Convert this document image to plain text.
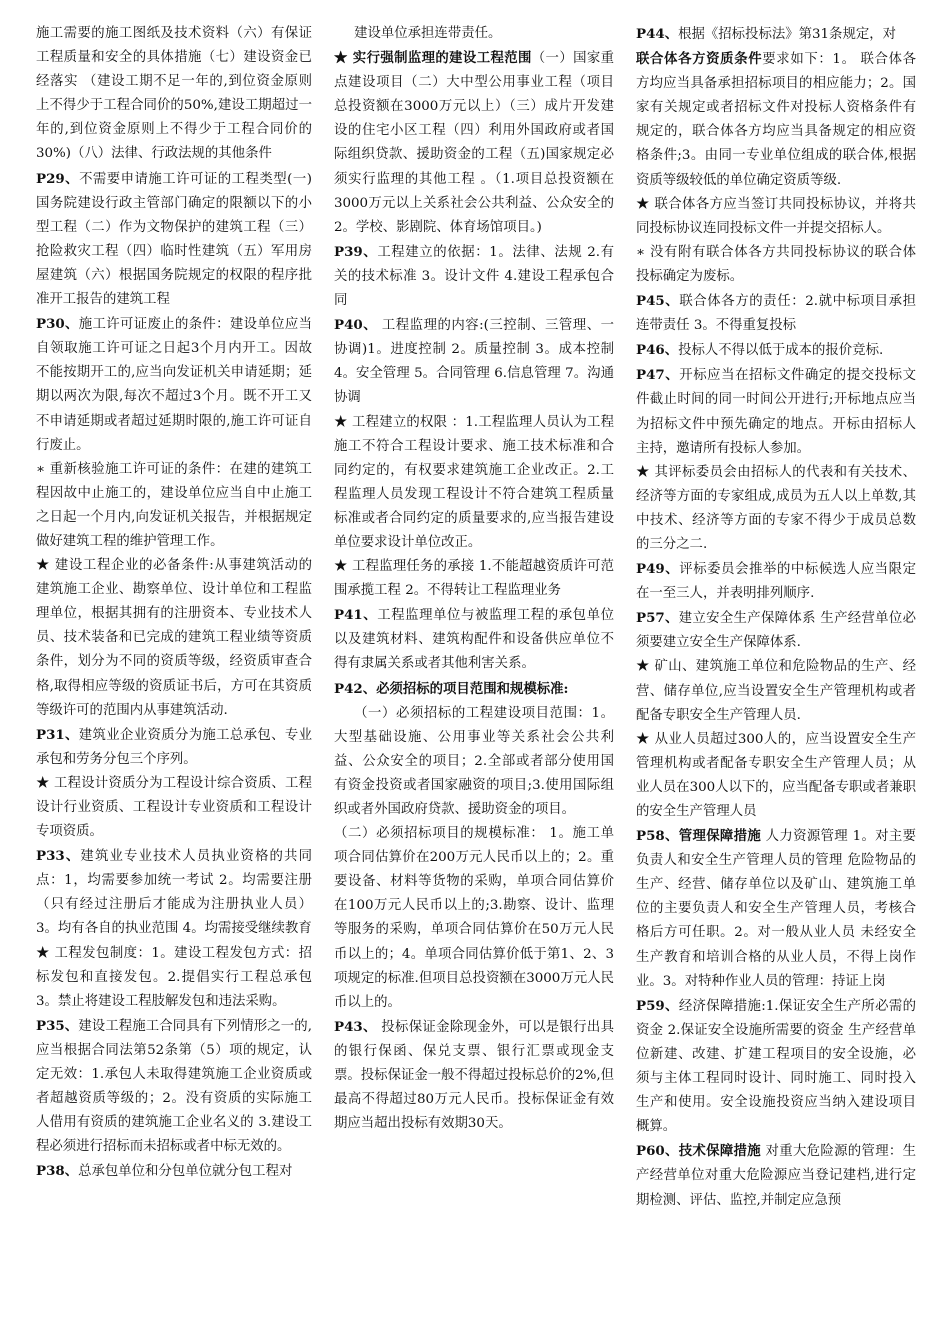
施工需要的施工图纸及技术资料（六）有保证工程质量和安全的具体措施（七）建设资金已经落实 （建设工期不足一年的,到位资金原则上不得少于工程合同价的50%,建设工期超过一年的,到位资金原则上不得少于工程合同价的30%)（八）法律、行政法规的其他条件

P29、不需要申请施工许可证的工程类型(一)国务院建设行政主管部门确定的限额以下的小型工程（二）作为文物保护的建筑工程（三）抢险救灾工程（四）临时性建筑（五）军用房屋建筑（六）根据国务院规定的权限的程序批准开工报告的建筑工程

P30、施工许可证废止的条件：建设单位应当自领取施工许可证之日起3个月内开工。因故不能按期开工的,应当向发证机关申请延期；延期以两次为限,每次不超过3个月。既不开工又不申请延期或者超过延期时限的,施工许可证自行废止。

∗ 重新核验施工许可证的条件：在建的建筑工程因故中止施工的，建设单位应当自中止施工之日起一个月内,向发证机关报告，并根据规定做好建筑工程的维护管理工作。

★ 建设工程企业的必备条件:从事建筑活动的建筑施工企业、勘察单位、设计单位和工程监理单位，根据其拥有的注册资本、专业技术人员、技术装备和已完成的建筑工程业绩等资质条件，划分为不同的资质等级，经资质审查合格,取得相应等级的资质证书后，方可在其资质等级许可的范围内从事建筑活动.

P31、建筑业企业资质分为施工总承包、专业承包和劳务分包三个序列。

★ 工程设计资质分为工程设计综合资质、工程设计行业资质、工程设计专业资质和工程设计专项资质。

P33、建筑业专业技术人员执业资格的共同点：1，均需要参加统一考试 2。均需要注册（只有经过注册后才能成为注册执业人员）3。均有各自的执业范围 4。均需接受继续教育

★ 工程发包制度：1。建设工程发包方式：招标发包和直接发包。2.提倡实行工程总承包 3。禁止将建设工程肢解发包和违法采购。

P35、建设工程施工合同具有下列情形之一的,应当根据合同法第52条第（5）项的规定，认定无效：1.承包人未取得建筑施工企业资质或者超越资质等级的；2。没有资质的实际施工人借用有资质的建筑施工企业名义的 3.建设工程必须进行招标而未招标或者中标无效的。

P38、总承包单位和分包单位就分包工程对

建设单位承担连带责任。

★ 实行强制监理的建设工程范围（一）国家重点建设项目（二）大中型公用事业工程（项目总投资额在3000万元以上）（三）成片开发建设的住宅小区工程（四）利用外国政府或者国际组织贷款、援助资金的工程（五)国家规定必须实行监理的其他工程 。（1.项目总投资额在3000万元以上关系社会公共利益、公众安全的2。学校、影剧院、体育场馆项目。)

P39、工程建立的依据：1。法律、法规 2.有关的技术标准 3。设计文件 4.建设工程承包合同

P40、 工程监理的内容:(三控制、三管理、一协调)1。进度控制 2。质量控制 3。成本控制 4。安全管理 5。合同管理 6.信息管理 7。沟通协调

★ 工程建立的权限 ：1.工程监理人员认为工程施工不符合工程设计要求、施工技术标准和合同约定的，有权要求建筑施工企业改正。2.工程监理人员发现工程设计不符合建筑工程质量标准或者合同约定的质量要求的,应当报告建设单位要求设计单位改正。

★ 工程监理任务的承接 1.不能超越资质许可范围承揽工程 2。不得转让工程监理业务

P41、工程监理单位与被监理工程的承包单位以及建筑材料、建筑构配件和设备供应单位不得有隶属关系或者其他利害关系。

P42、必须招标的项目范围和规模标准:

（一）必须招标的工程建设项目范围：1。大型基础设施、公用事业等关系社会公共利益、公众安全的项目；2.全部或者部分使用国有资金投资或者国家融资的项目;3.使用国际组织或者外国政府贷款、援助资金的项目。

（二）必须招标项目的规模标准： 1。施工单项合同估算价在200万元人民币以上的；2。重要设备、材料等货物的采购，单项合同估算价在100万元人民币以上的;3.勘察、设计、监理等服务的采购，单项合同估算价在50万元人民币以上的；4。单项合同估算价低于第1、2、3项规定的标准.但项目总投资额在3000万元人民币以上的。

P43、 投标保证金除现金外，可以是银行出具的银行保函、保兑支票、银行汇票或现金支票。投标保证金一般不得超过投标总价的2%,但最高不得超过80万元人民币。投标保证金有效期应当超出投标有效期30天。

P44、根据《招标投标法》第31条规定，对

联合体各方资质条件要求如下：1。 联合体各方均应当具备承担招标项目的相应能力；2。国家有关规定或者招标文件对投标人资格条件有规定的，联合体各方均应当具备规定的相应资格条件;3。由同一专业单位组成的联合体,根据资质等级较低的单位确定资质等级.

★ 联合体各方应当签订共同投标协议，并将共同投标协议连同投标文件一并提交招标人。

∗ 没有附有联合体各方共同投标协议的联合体投标确定为废标。

P45、联合体各方的责任：2.就中标项目承担连带责任 3。不得重复投标

P46、投标人不得以低于成本的报价竞标.

P47、开标应当在招标文件确定的提交投标文件截止时间的同一时间公开进行;开标地点应当为招标文件中预先确定的地点。开标由招标人主持，邀请所有投标人参加。

★ 其评标委员会由招标人的代表和有关技术、经济等方面的专家组成,成员为五人以上单数,其中技术、经济等方面的专家不得少于成员总数的三分之二.

P49、评标委员会推举的中标候选人应当限定在一至三人，并表明排列顺序.

P57、建立安全生产保障体系 生产经营单位必须要建立安全生产保障体系.

★ 矿山、建筑施工单位和危险物品的生产、经营、储存单位,应当设置安全生产管理机构或者配备专职安全生产管理人员.

★ 从业人员超过300人的，应当设置安全生产管理机构或者配备专职安全生产管理人员；从业人员在300人以下的，应当配备专职或者兼职的安全生产管理人员

P58、管理保障措施 人力资源管理 1。对主要负责人和安全生产管理人员的管理 危险物品的生产、经营、储存单位以及矿山、建筑施工单位的主要负责人和安全生产管理人员，考核合格后方可任职。2。对一般从业人员 未经安全生产教育和培训合格的从业人员，不得上岗作业。3。对特种作业人员的管理：持证上岗

P59、经济保障措施:1.保证安全生产所必需的资金 2.保证安全设施所需要的资金 生产经营单位新建、改建、扩建工程项目的安全设施，必须与主体工程同时设计、同时施工、同时投入生产和使用。安全设施投资应当纳入建设项目概算。

P60、技术保障措施 对重大危险源的管理：生产经营单位对重大危险源应当登记建档,进行定期检测、评估、监控,并制定应急预
